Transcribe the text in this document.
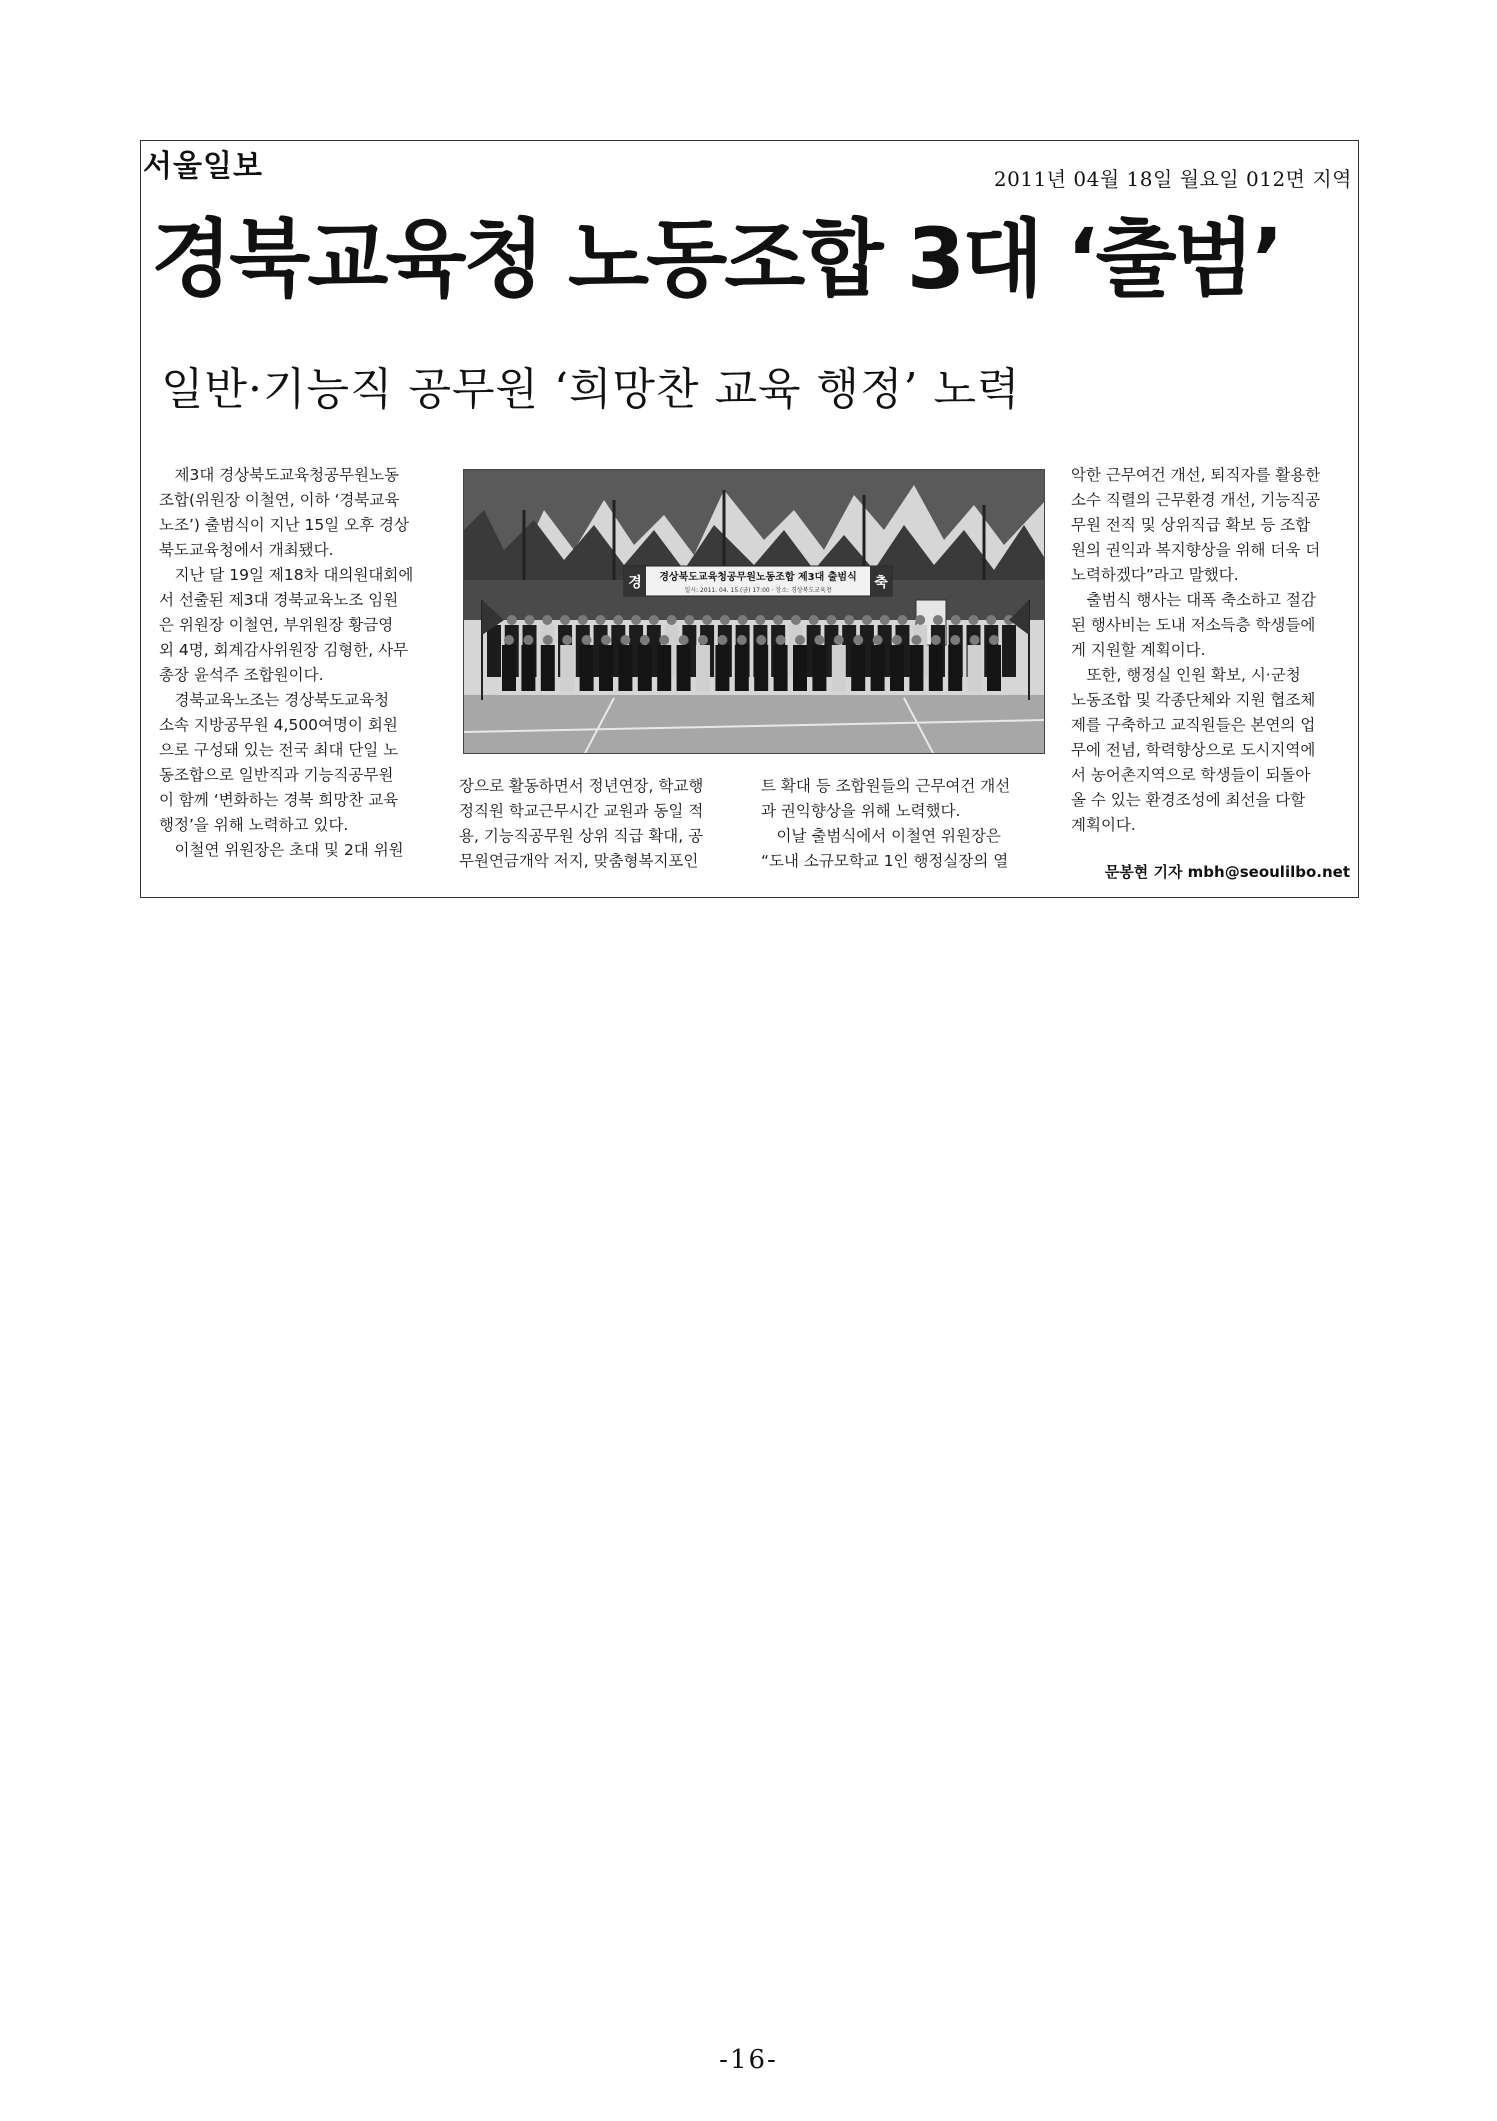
서울일보	2011년 04월 18일 월요일 012면 지역
경북교육청 노동조합 3대 ‘출범’
일반·기능직 공무원 ‘희망찬 교육 행정’ 노력

　제3대 경상북도교육청공무원노동

조합(위원장 이철연, 이하 ‘경북교육

노조’) 출범식이 지난 15일 오후 경상

북도교육청에서 개최됐다.

　지난 달 19일 제18차 대의원대회에

서 선출된 제3대 경북교육노조 임원

은 위원장 이철연, 부위원장 황금영

외 4명, 회계감사위원장 김형한, 사무

총장 윤석주 조합원이다.

　경북교육노조는 경상북도교육청

소속 지방공무원 4,500여명이 회원

으로 구성돼 있는 전국 최대 단일 노

동조합으로 일반직과 기능직공무원

이 함께 ‘변화하는 경북 희망찬 교육

행정’을 위해 노력하고 있다.

　이철연 위원장은 초대 및 2대 위원

경	축
경상북도교육청공무원노동조합 제3대 출범식
일시: 2011. 04. 15.(금) 17:00 · 장소: 경상북도교육청

장으로 활동하면서 정년연장, 학교행

정직원 학교근무시간 교원과 동일 적

용, 기능직공무원 상위 직급 확대, 공

무원연금개악 저지, 맞춤형복지포인

트 확대 등 조합원들의 근무여건 개선

과 권익향상을 위해 노력했다.

　이날 출범식에서 이철연 위원장은

“도내 소규모학교 1인 행정실장의 열

악한 근무여건 개선, 퇴직자를 활용한

소수 직렬의 근무환경 개선, 기능직공

무원 전직 및 상위직급 확보 등 조합

원의 권익과 복지향상을 위해 더욱 더

노력하겠다”라고 말했다.

　출범식 행사는 대폭 축소하고 절감

된 행사비는 도내 저소득층 학생들에

게 지원할 계획이다.

　또한, 행정실 인원 확보, 시·군청

노동조합 및 각종단체와 지원 협조체

제를 구축하고 교직원들은 본연의 업

무에 전념, 학력향상으로 도시지역에

서 농어촌지역으로 학생들이 되돌아

올 수 있는 환경조성에 최선을 다할

계획이다.

문봉현 기자 mbh@seoulilbo.net
-16-
